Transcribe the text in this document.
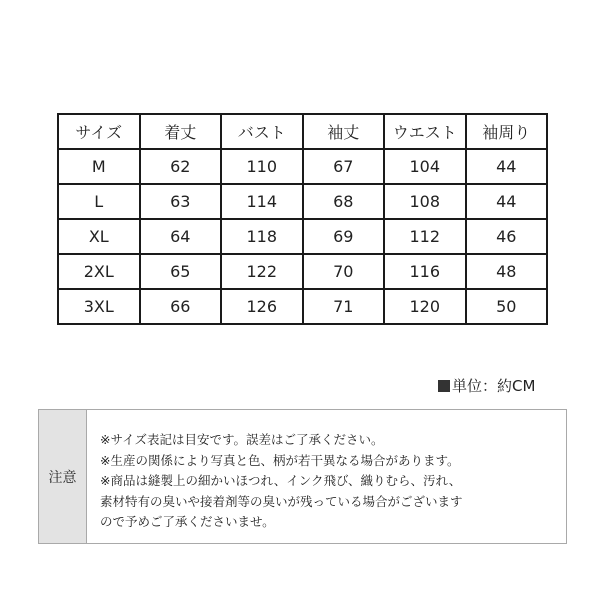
サイズ	着丈	バスト	袖丈	ウエスト	袖周り
M	62	110	67	104	44
L	63	114	68	108	44
XL	64	118	69	112	46
2XL	65	122	70	116	48
3XL	66	126	71	120	50
単位：約CM
注意

※サイズ表記は目安です。誤差はご了承ください。

※生産の関係により写真と色、柄が若干異なる場合があります。

※商品は縫製上の細かいほつれ、インク飛び、織りむら、汚れ、

素材特有の臭いや接着剤等の臭いが残っている場合がございます

ので予めご了承くださいませ。
